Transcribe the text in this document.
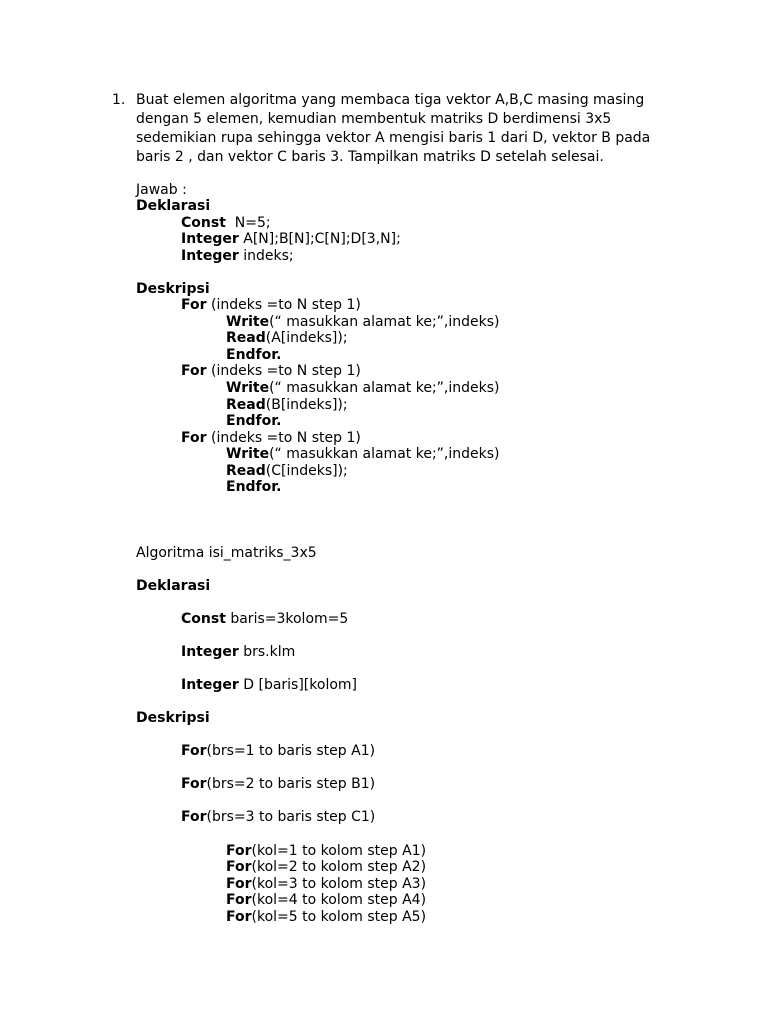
1. Buat elemen algoritma yang membaca tiga vektor A,B,C masing masing
dengan 5 elemen, kemudian membentuk matriks D berdimensi 3x5
sedemikian rupa sehingga vektor A mengisi baris 1 dari D, vektor B pada
baris 2 , dan vektor C baris 3. Tampilkan matriks D setelah selesai.
Jawab :
Deklarasi
Const  N=5;
Integer A[N];B[N];C[N];D[3,N];
Integer indeks;
Deskripsi
For (indeks =to N step 1)
Write(“ masukkan alamat ke;”,indeks)
Read(A[indeks]);
Endfor.
For (indeks =to N step 1)
Write(“ masukkan alamat ke;”,indeks)
Read(B[indeks]);
Endfor.
For (indeks =to N step 1)
Write(“ masukkan alamat ke;”,indeks)
Read(C[indeks]);
Endfor.
Algoritma isi_matriks_3x5
Deklarasi
Const baris=3kolom=5
Integer brs.klm
Integer D [baris][kolom]
Deskripsi
For(brs=1 to baris step A1)
For(brs=2 to baris step B1)
For(brs=3 to baris step C1)
For(kol=1 to kolom step A1)
For(kol=2 to kolom step A2)
For(kol=3 to kolom step A3)
For(kol=4 to kolom step A4)
For(kol=5 to kolom step A5)
